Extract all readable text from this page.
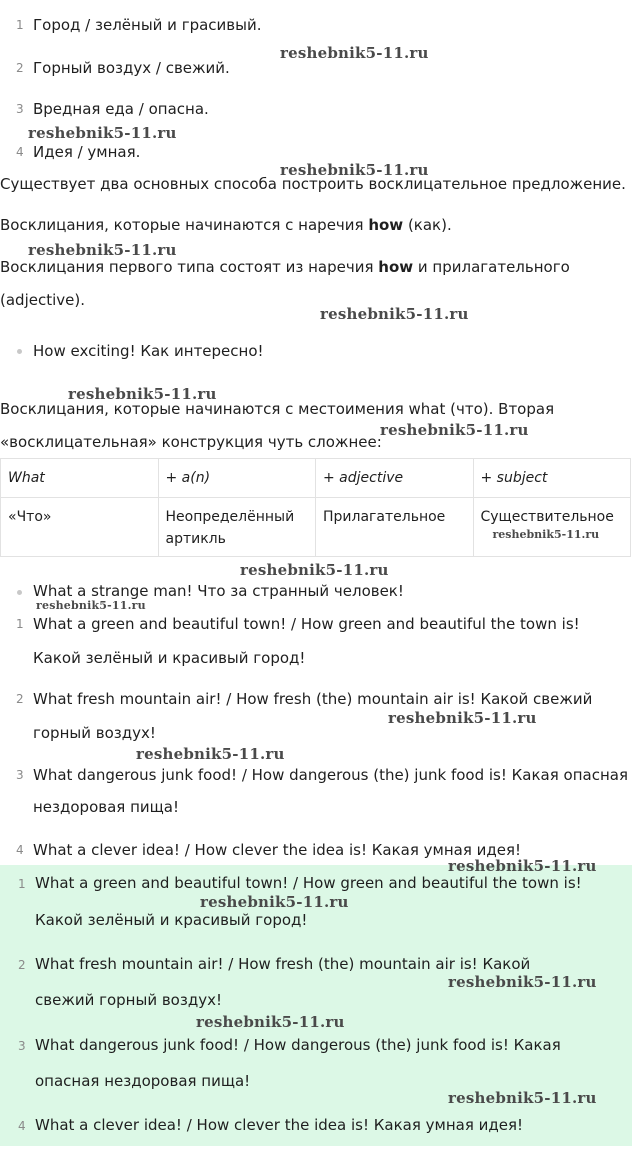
1 Город / зелёный и грасивый.
reshebnik5-11.ru
2 Горный воздух / свежий.
3 Вредная еда / опасна.
reshebnik5-11.ru
4 Идея / умная.
reshebnik5-11.ru
Существует два основных способа построить восклицательное предложение.
Восклицания, которые начинаются с наречия how (как).
reshebnik5-11.ru
Восклицания первого типа состоят из наречия how и прилагательного
(adjective).
reshebnik5-11.ru
How exciting! Как интересно!
reshebnik5-11.ru
Восклицания, которые начинаются с местоимения what (что). Вторая
reshebnik5-11.ru
«восклицательная» конструкция чуть сложнее:
What	+ a(n)	+ adjective	+ subject
«Что»	Неопределённый артикль	Прилагательное	Существительное
reshebnik5-11.ru
reshebnik5-11.ru
What a strange man! Что за странный человек!
reshebnik5-11.ru
1 What a green and beautiful town! / How green and beautiful the town is!
Какой зелёный и красивый город!
2 What fresh mountain air! / How fresh (the) mountain air is! Какой свежий
reshebnik5-11.ru
горный воздух!
reshebnik5-11.ru
3 What dangerous junk food! / How dangerous (the) junk food is! Какая опасная
нездоровая пища!
4 What a clever idea! / How clever the idea is! Какая умная идея!
reshebnik5-11.ru
1 What a green and beautiful town! / How green and beautiful the town is!
reshebnik5-11.ru
Какой зелёный и красивый город!
2 What fresh mountain air! / How fresh (the) mountain air is! Какой
reshebnik5-11.ru
свежий горный воздух!
reshebnik5-11.ru
3 What dangerous junk food! / How dangerous (the) junk food is! Какая
опасная нездоровая пища!
reshebnik5-11.ru
4 What a clever idea! / How clever the idea is! Какая умная идея!
